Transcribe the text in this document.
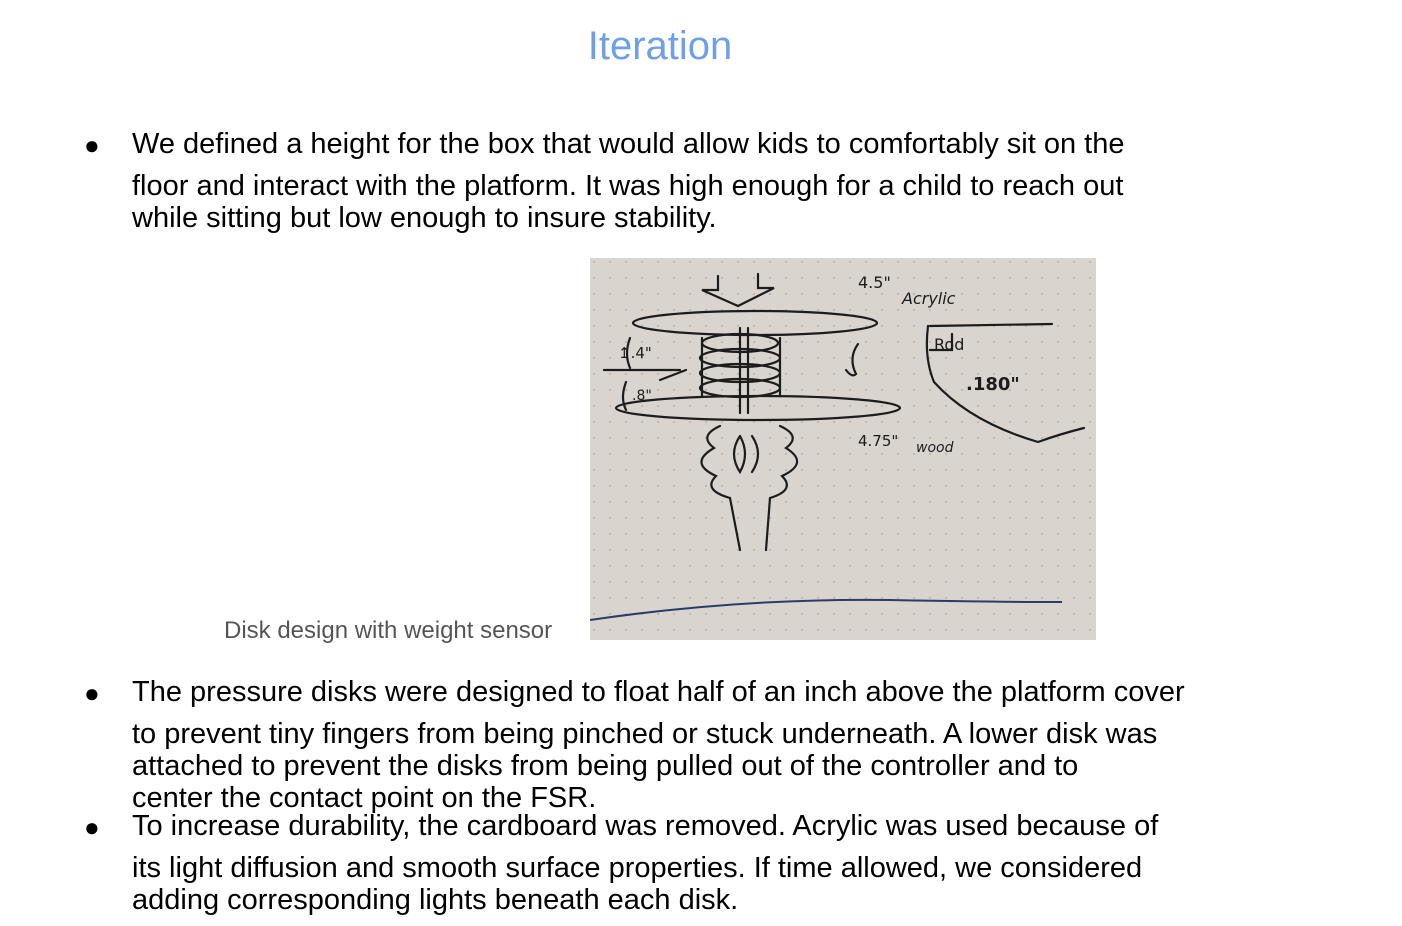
Iteration
● We defined a height for the box that would allow kids to comfortably sit on the
floor and interact with the platform. It was high enough for a child to reach out
while sitting but low enough to insure stability.

Disk design with weight sensor
4.5"
Acrylic
↥.4"
.8"
Rod
.180"
4.75" wood
● The pressure disks were designed to float half of an inch above the platform cover
to prevent tiny fingers from being pinched or stuck underneath. A lower disk was
attached to prevent the disks from being pulled out of the controller and to
center the contact point on the FSR.

● To increase durability, the cardboard was removed. Acrylic was used because of
its light diffusion and smooth surface properties. If time allowed, we considered
adding corresponding lights beneath each disk.
